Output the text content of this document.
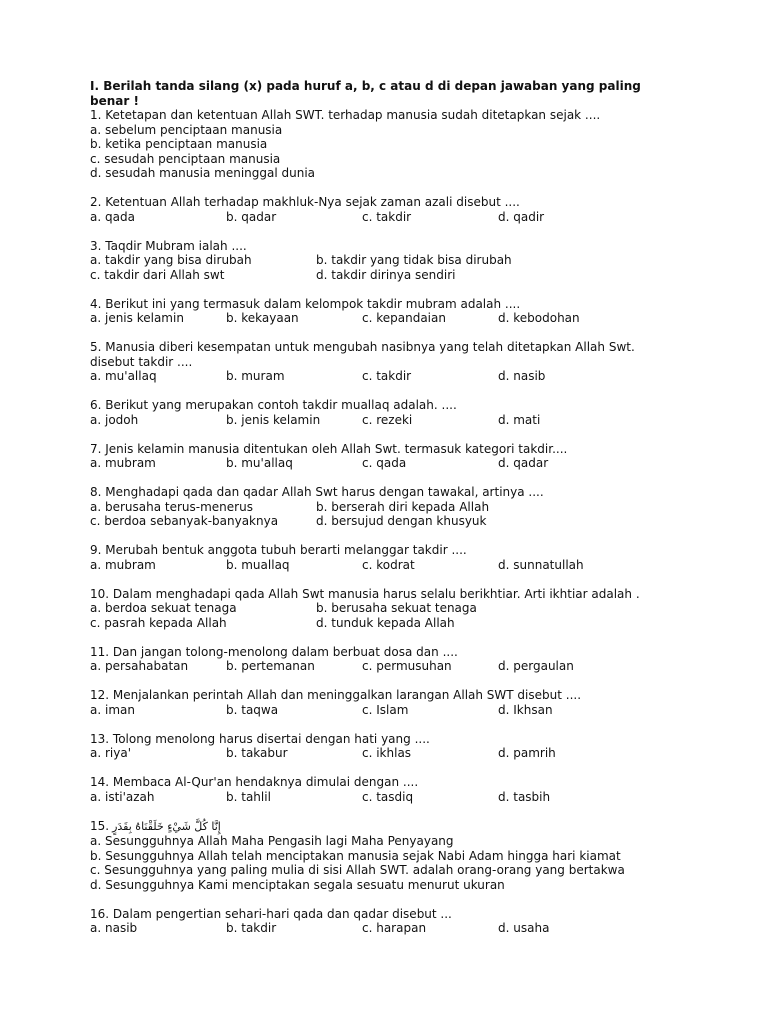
I. Berilah tanda silang (x) pada huruf a, b, c atau d di depan jawaban yang paling
benar !
1. Ketetapan dan ketentuan Allah SWT. terhadap manusia sudah ditetapkan sejak ....
a. sebelum penciptaan manusia
b. ketika penciptaan manusia
c. sesudah penciptaan manusia
d. sesudah manusia meninggal dunia
2. Ketentuan Allah terhadap makhluk-Nya sejak zaman azali disebut ....
a. qada	b. qadar	c. takdir	d. qadir
3. Taqdir Mubram ialah ....
a. takdir yang bisa dirubah	b. takdir yang tidak bisa dirubah
c. takdir dari Allah swt	d. takdir dirinya sendiri
4. Berikut ini yang termasuk dalam kelompok takdir mubram adalah ....
a. jenis kelamin	b. kekayaan	c. kepandaian	d. kebodohan
5. Manusia diberi kesempatan untuk mengubah nasibnya yang telah ditetapkan Allah Swt.
disebut takdir ....
a. mu'allaq	b. muram	c. takdir	d. nasib
6. Berikut yang merupakan contoh takdir muallaq adalah. ....
a. jodoh	b. jenis kelamin	c. rezeki	d. mati
7. Jenis kelamin manusia ditentukan oleh Allah Swt. termasuk kategori takdir....
a. mubram	b. mu'allaq	c. qada	d. qadar
8. Menghadapi qada dan qadar Allah Swt harus dengan tawakal, artinya ....
a. berusaha terus-menerus	b. berserah diri kepada Allah
c. berdoa sebanyak-banyaknya	d. bersujud dengan khusyuk
9. Merubah bentuk anggota tubuh berarti melanggar takdir ....
a. mubram	b. muallaq	c. kodrat	d. sunnatullah
10. Dalam menghadapi qada Allah Swt manusia harus selalu berikhtiar. Arti ikhtiar adalah .
a. berdoa sekuat tenaga	b. berusaha sekuat tenaga
c. pasrah kepada Allah	d. tunduk kepada Allah
11. Dan jangan tolong-menolong dalam berbuat dosa dan ....
a. persahabatan	b. pertemanan	c. permusuhan	d. pergaulan
12. Menjalankan perintah Allah dan meninggalkan larangan Allah SWT disebut ....
a. iman	b. taqwa	c. Islam	d. Ikhsan
13. Tolong menolong harus disertai dengan hati yang ....
a. riya'	b. takabur	c. ikhlas	d. pamrih
14. Membaca Al-Qur'an hendaknya dimulai dengan ....
a. isti'azah	b. tahlil	c. tasdiq	d. tasbih
15. إِنَّا كُلَّ شَيْءٍ خَلَقْنَاهُ بِقَدَرٍ
a. Sesungguhnya Allah Maha Pengasih lagi Maha Penyayang
b. Sesungguhnya Allah telah menciptakan manusia sejak Nabi Adam hingga hari kiamat
c. Sesungguhnya yang paling mulia di sisi Allah SWT. adalah orang-orang yang bertakwa
d. Sesungguhnya Kami menciptakan segala sesuatu menurut ukuran
16. Dalam pengertian sehari-hari qada dan qadar disebut ...
a. nasib	b. takdir	c. harapan	d. usaha
